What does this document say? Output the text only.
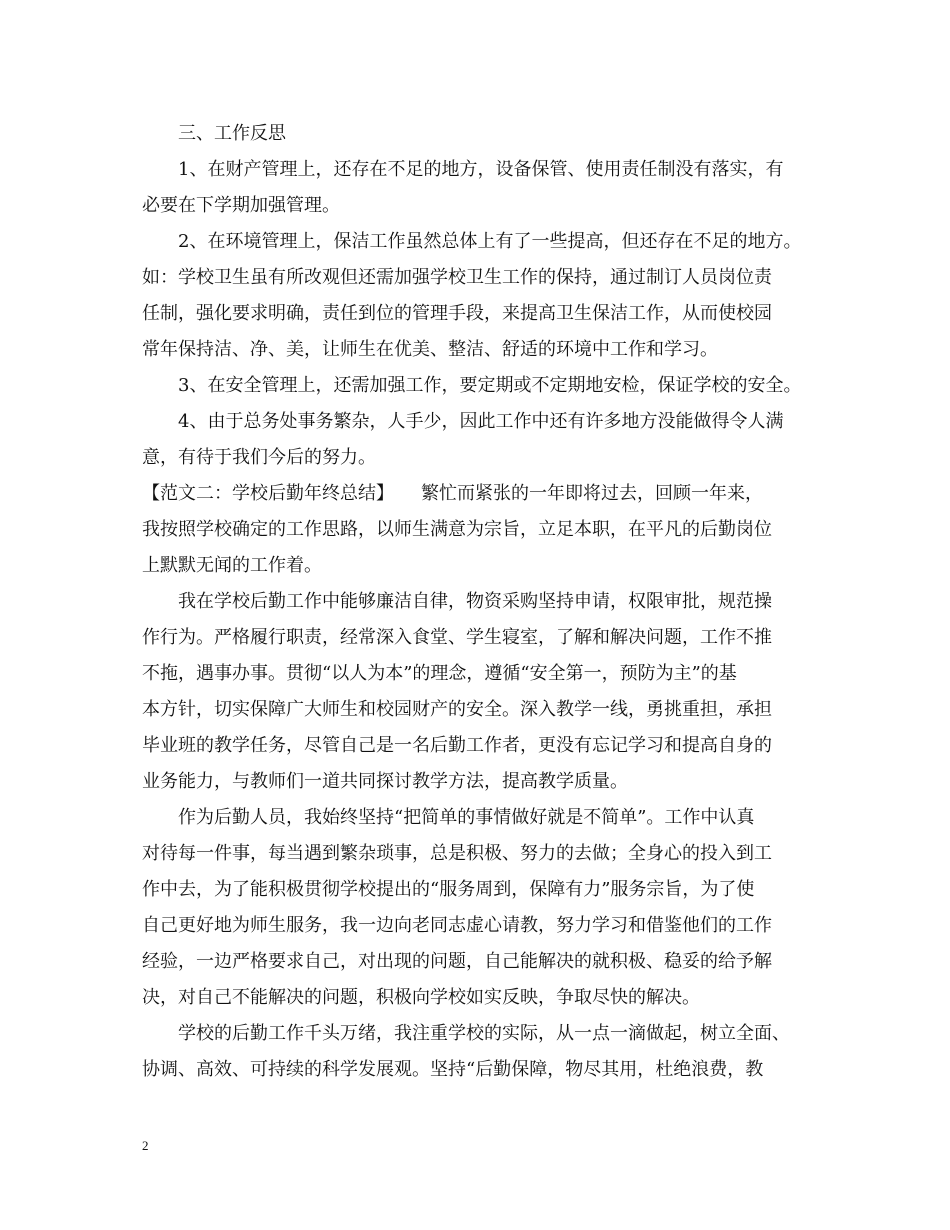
三、工作反思
1、在财产管理上，还存在不足的地方，设备保管、使用责任制没有落实，有
必要在下学期加强管理。
2、在环境管理上，保洁工作虽然总体上有了一些提高，但还存在不足的地方。
如：学校卫生虽有所改观但还需加强学校卫生工作的保持，通过制订人员岗位责
任制，强化要求明确，责任到位的管理手段，来提高卫生保洁工作，从而使校园
常年保持洁、净、美，让师生在优美、整洁、舒适的环境中工作和学习。
3、在安全管理上，还需加强工作，要定期或不定期地安检，保证学校的安全。
4、由于总务处事务繁杂，人手少，因此工作中还有许多地方没能做得令人满
意，有待于我们今后的努力。
【范文二：学校后勤年终总结】　　繁忙而紧张的一年即将过去，回顾一年来，
我按照学校确定的工作思路，以师生满意为宗旨，立足本职，在平凡的后勤岗位
上默默无闻的工作着。
我在学校后勤工作中能够廉洁自律，物资采购坚持申请，权限审批，规范操
作行为。严格履行职责，经常深入食堂、学生寝室，了解和解决问题，工作不推
不拖，遇事办事。贯彻“以人为本”的理念，遵循“安全第一，预防为主”的基
本方针，切实保障广大师生和校园财产的安全。深入教学一线，勇挑重担，承担
毕业班的教学任务，尽管自己是一名后勤工作者，更没有忘记学习和提高自身的
业务能力，与教师们一道共同探讨教学方法，提高教学质量。
作为后勤人员，我始终坚持“把简单的事情做好就是不简单”。工作中认真
对待每一件事，每当遇到繁杂琐事，总是积极、努力的去做；全身心的投入到工
作中去，为了能积极贯彻学校提出的“服务周到，保障有力”服务宗旨，为了使
自己更好地为师生服务，我一边向老同志虚心请教，努力学习和借鉴他们的工作
经验，一边严格要求自己，对出现的问题，自己能解决的就积极、稳妥的给予解
决，对自己不能解决的问题，积极向学校如实反映，争取尽快的解决。
学校的后勤工作千头万绪，我注重学校的实际，从一点一滴做起，树立全面、
协调、高效、可持续的科学发展观。坚持“后勤保障，物尽其用，杜绝浪费，教
2
